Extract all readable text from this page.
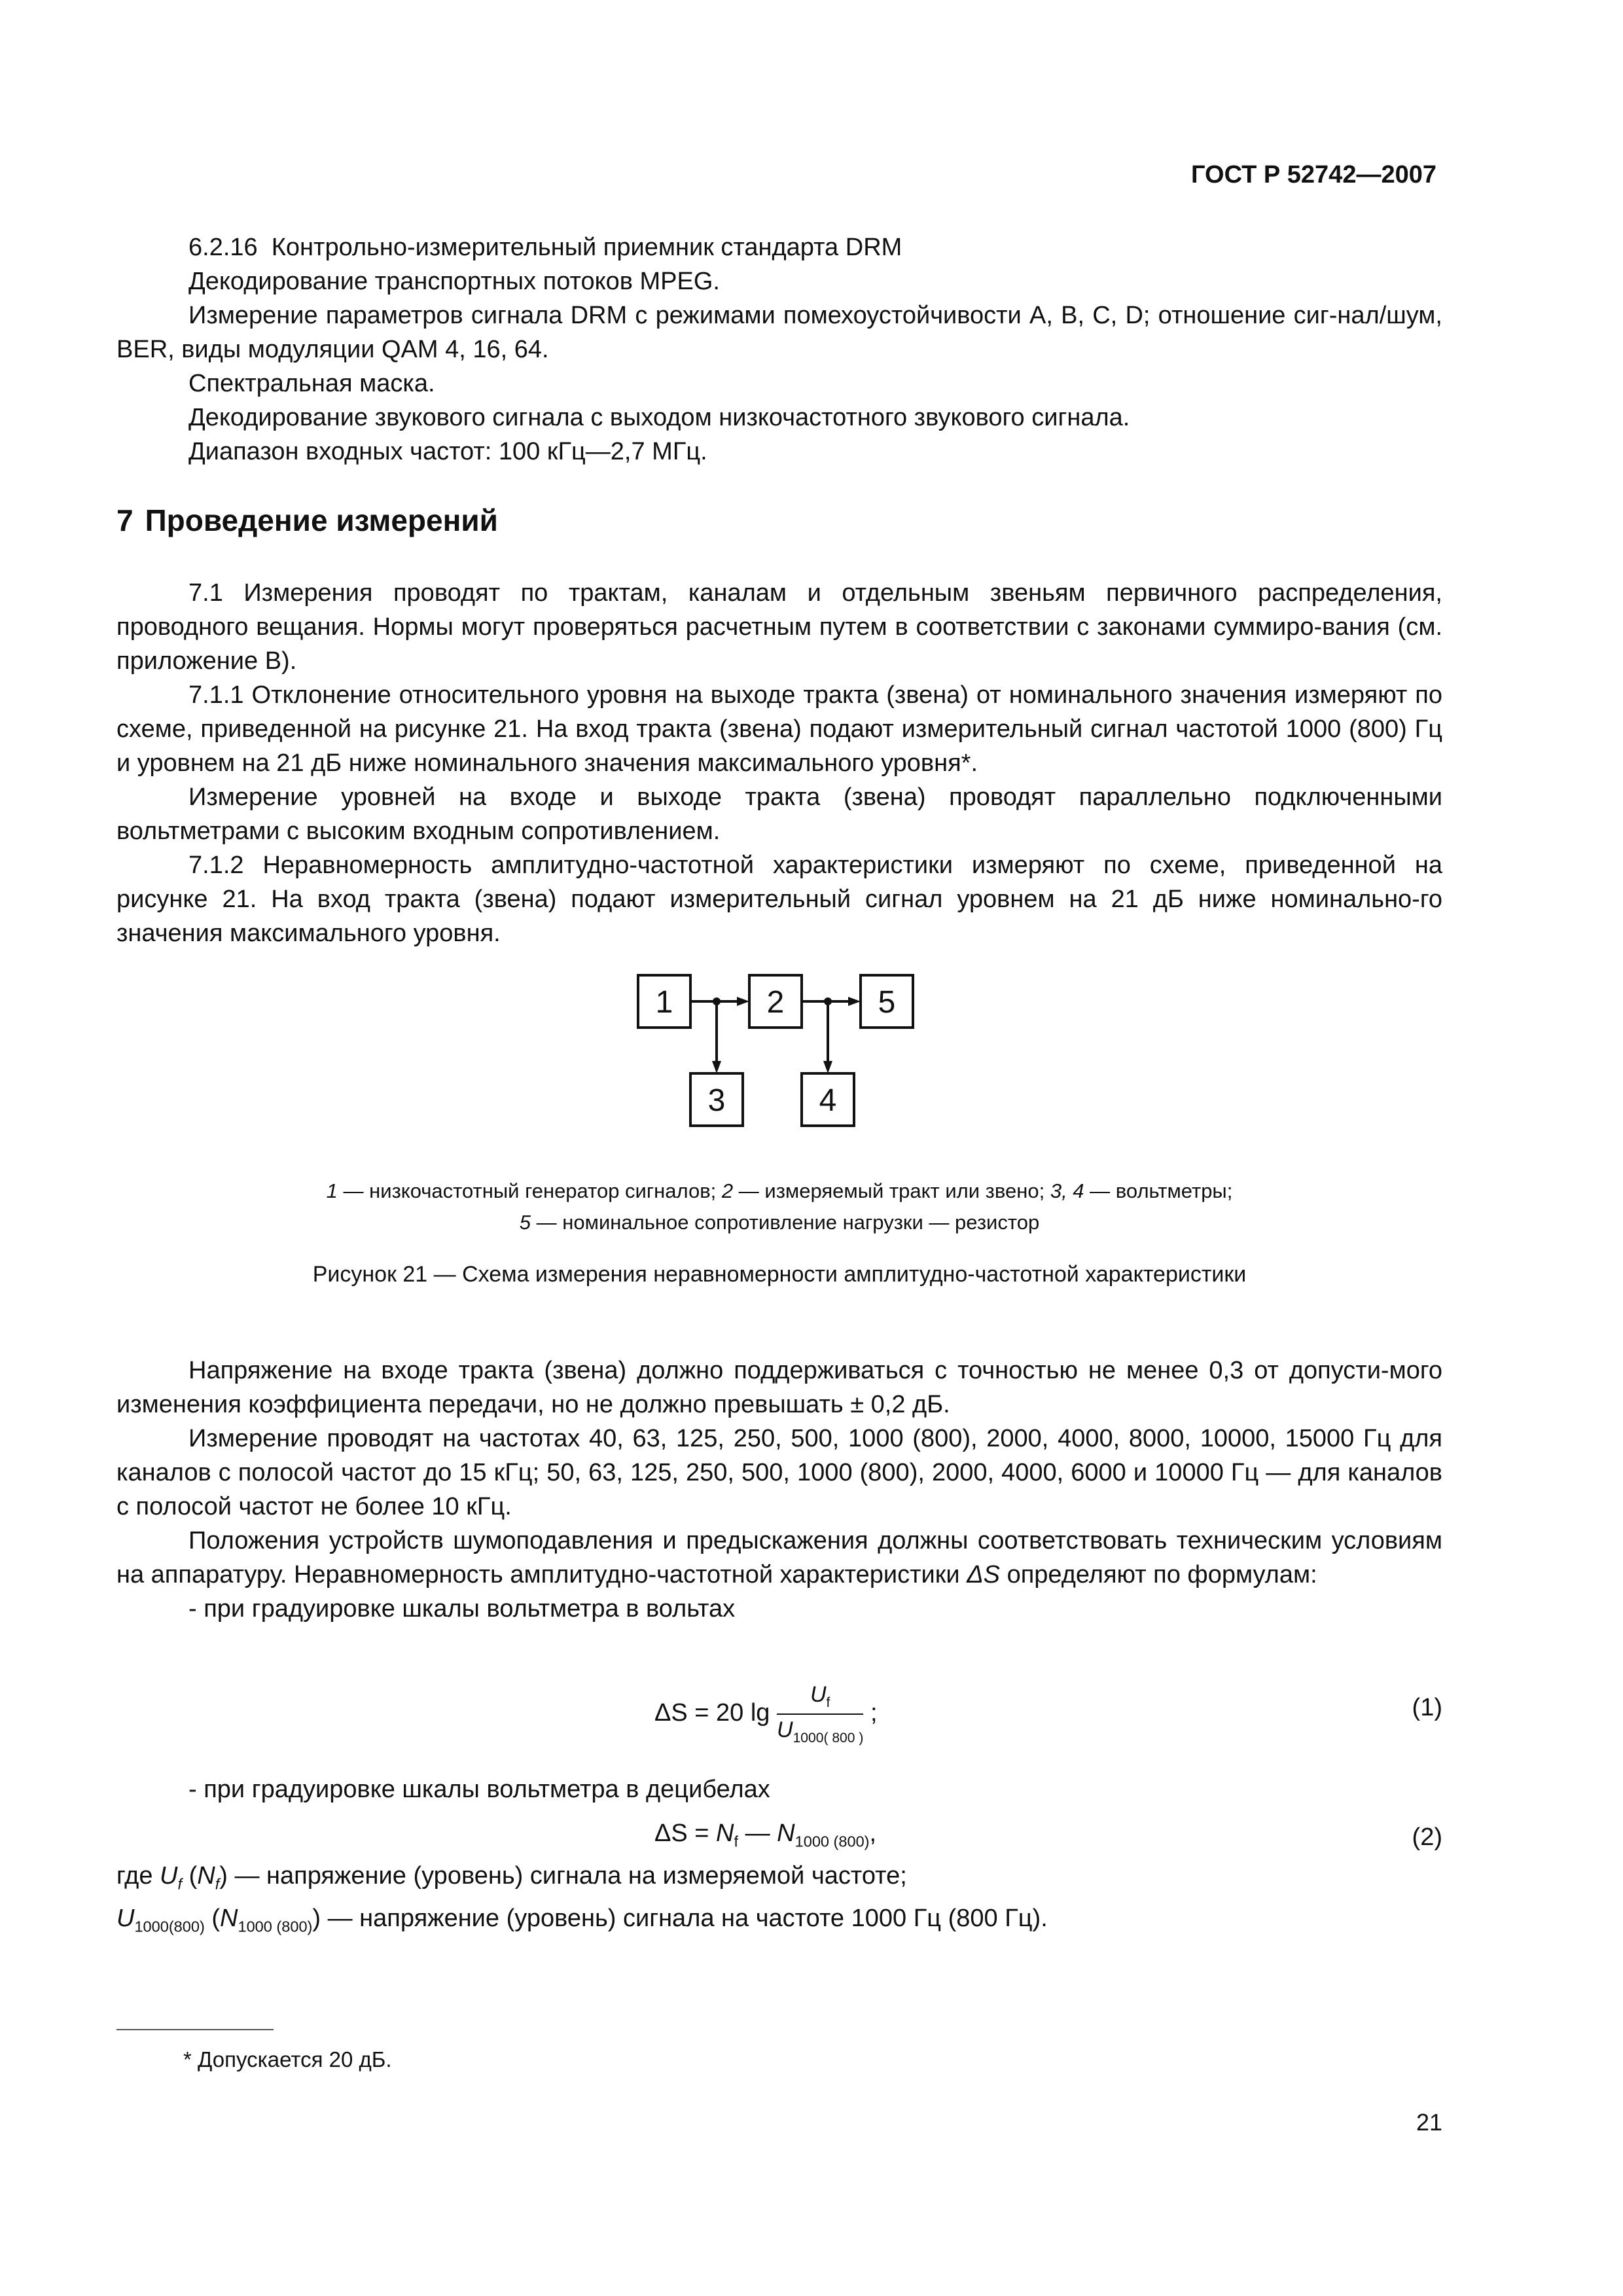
ГОСТ Р 52742—2007

6.2.16 Контрольно-измерительный приемник стандарта DRM

Декодирование транспортных потоков MPEG.

Измерение параметров сигнала DRM с режимами помехоустойчивости A, B, C, D; отношение сиг-нал/шум, BER, виды модуляции QAM 4, 16, 64.

Спектральная маска.

Декодирование звукового сигнала с выходом низкочастотного звукового сигнала.

Диапазон входных частот: 100 кГц—2,7 МГц.

7 Проведение измерений

7.1 Измерения проводят по трактам, каналам и отдельным звеньям первичного распределения, проводного вещания. Нормы могут проверяться расчетным путем в соответствии с законами суммиро-вания (см. приложение B).

7.1.1 Отклонение относительного уровня на выходе тракта (звена) от номинального значения измеряют по схеме, приведенной на рисунке 21. На вход тракта (звена) подают измерительный сигнал частотой 1000 (800) Гц и уровнем на 21 дБ ниже номинального значения максимального уровня*.

Измерение уровней на входе и выходе тракта (звена) проводят параллельно подключенными вольтметрами с высоким входным сопротивлением.

7.1.2 Неравномерность амплитудно-частотной характеристики измеряют по схеме, приведенной на рисунке 21. На вход тракта (звена) подают измерительный сигнал уровнем на 21 дБ ниже номинально-го значения максимального уровня.

1	2	5
3	4

1 — низкочастотный генератор сигналов; 2 — измеряемый тракт или звено; 3, 4 — вольтметры;

5 — номинальное сопротивление нагрузки — резистор

Рисунок 21 — Схема измерения неравномерности амплитудно-частотной характеристики

Напряжение на входе тракта (звена) должно поддерживаться с точностью не менее 0,3 от допусти-мого изменения коэффициента передачи, но не должно превышать ± 0,2 дБ.

Измерение проводят на частотах 40, 63, 125, 250, 500, 1000 (800), 2000, 4000, 8000, 10000, 15000 Гц для каналов с полосой частот до 15 кГц; 50, 63, 125, 250, 500, 1000 (800), 2000, 4000, 6000 и 10000 Гц — для каналов с полосой частот не более 10 кГц.

Положения устройств шумоподавления и предыскажения должны соответствовать техническим условиям на аппаратуру. Неравномерность амплитудно-частотной характеристики ΔS определяют по формулам:

- при градуировке шкалы вольтметра в вольтах

ΔS = 20 $\lg \frac{U_f}{U_{1000( 800 )}}$ ;	(1)

- при градуировке шкалы вольтметра в децибелах

$\Delta S = N_f$ — $N_{1000 (800)}$,	(2)

где $U_f$ $(N_f)$ — напряжение (уровень) сигнала на измеряемой частоте;

$U_{1000(800)}$ $(N_{1000 (800)})$ — напряжение (уровень) сигнала на частоте 1000 Гц (800 Гц).

* Допускается 20 дБ.

21
